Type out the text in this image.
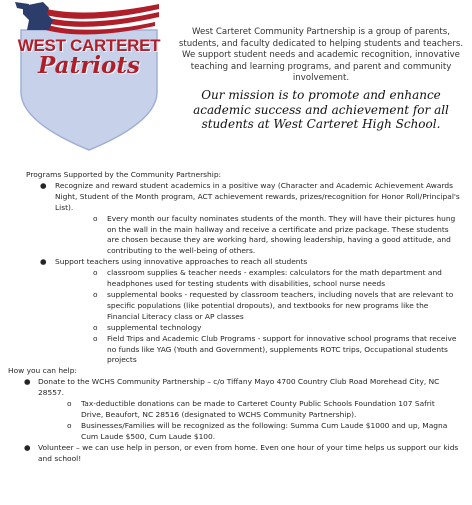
WEST CARTERET
Patriots
West Carteret Community Partnership is a group of parents, students, and faculty dedicated to helping students and teachers. We support student needs and academic recognition, innovative teaching and learning programs, and parent and community involvement.
Our mission is to promote and enhance academic success and achievement for all students at West Carteret High School.
Programs Supported by the Community Partnership:
● Recognize and reward student academics in a positive way (Character and Academic Achievement Awards Night, Student of the Month program, ACT achievement rewards, prizes/recognition for Honor Roll/Principal's List).
o Every month our faculty nominates students of the month. They will have their pictures hung on the wall in the main hallway and receive a certificate and prize package. These students are chosen because they are working hard, showing leadership, having a good attitude, and contributing to the well-being of others.
● Support teachers using innovative approaches to reach all students
o classroom supplies & teacher needs - examples: calculators for the math department and headphones used for testing students with disabilities, school nurse needs
o supplemental books - requested by classroom teachers, including novels that are relevant to specific populations (like potential dropouts), and textbooks for new programs like the Financial Literacy class or AP classes
o supplemental technology
o Field Trips and Academic Club Programs - support for innovative school programs that receive no funds like YAG (Youth and Government), supplements ROTC trips, Occupational students projects
How you can help:
● Donate to the WCHS Community Partnership – c/o Tiffany Mayo 4700 Country Club Road Morehead City, NC 28557.
o Tax-deductible donations can be made to Carteret County Public Schools Foundation 107 Safrit Drive, Beaufort, NC 28516 (designated to WCHS Community Partnership).
o Businesses/Families will be recognized as the following: Summa Cum Laude $1000 and up, Magna Cum Laude $500, Cum Laude $100.
● Volunteer – we can use help in person, or even from home. Even one hour of your time helps us support our kids and school!
